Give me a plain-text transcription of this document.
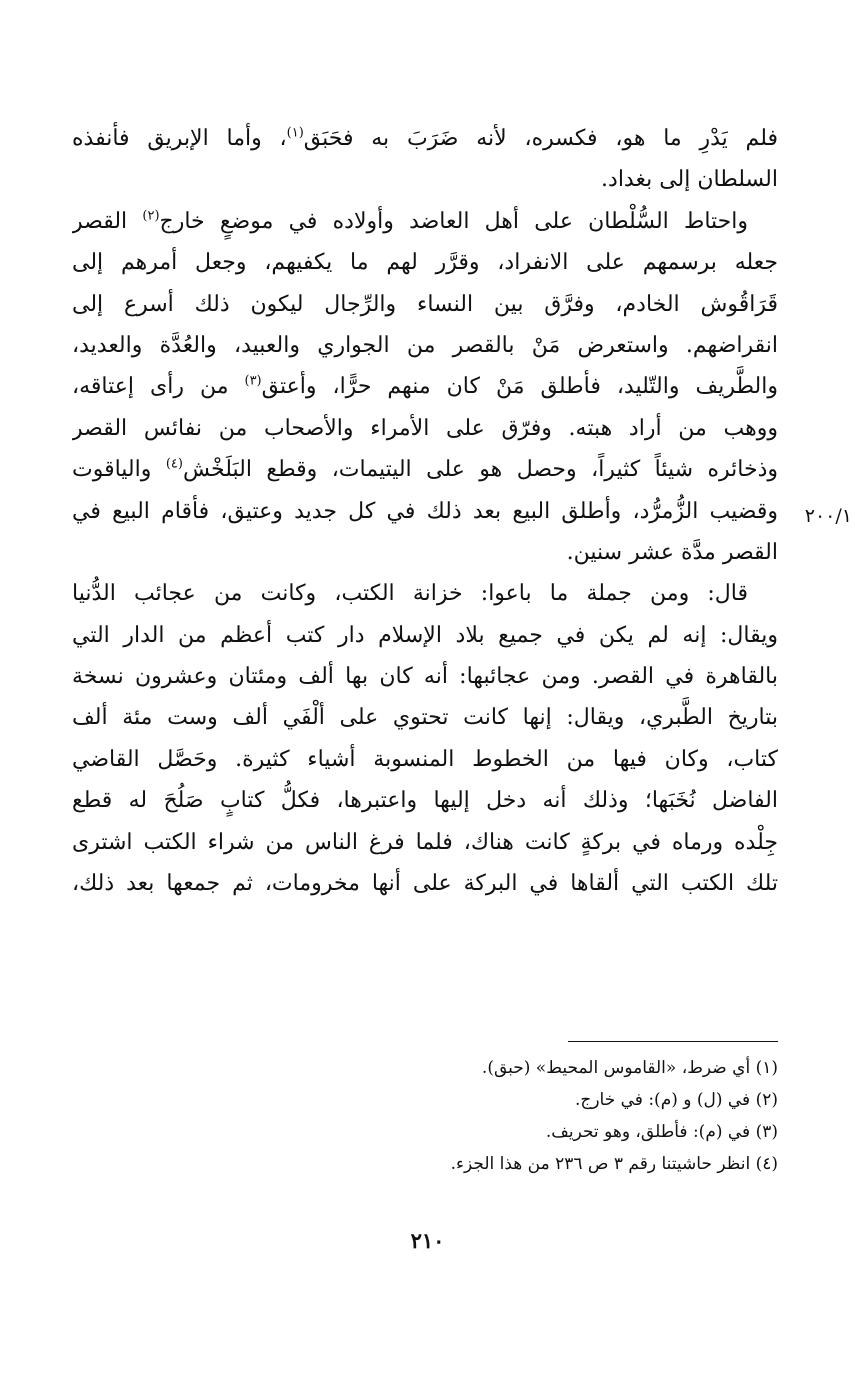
فلم يَدْرِ ما هو، فكسره، لأنه ضَرَبَ به فحَبَق$^{(١)}$، وأما الإبريق فأنفذه
السلطان إلى بغداد.
واحتاط السُّلْطان على أهل العاضد وأولاده في موضعٍ خارج$^{(٢)}$ القصر
جعله برسمهم على الانفراد، وقرَّر لهم ما يكفيهم، وجعل أمرهم إلى
قَرَاقُوش الخادم، وفرَّق بين النساء والرِّجال ليكون ذلك أسرع إلى
انقراضهم. واستعرض مَنْ بالقصر من الجواري والعبيد، والعُدَّة والعديد،
والطَّريف والتّليد، فأطلق مَنْ كان منهم حرًّا، وأعتق$^{(٣)}$ من رأى إعتاقه،
ووهب من أراد هبته. وفرّق على الأمراء والأصحاب من نفائس القصر
وذخائره شيئاً كثيراً، وحصل هو على اليتيمات، وقطع البَلَخْش$^{(٤)}$ والياقوت
وقضيب الزُّمرُّد، وأطلق البيع بعد ذلك في كل جديد وعتيق، فأقام البيع في
القصر مدَّة عشر سنين.
قال: ومن جملة ما باعوا: خزانة الكتب، وكانت من عجائب الدُّنيا
ويقال: إنه لم يكن في جميع بلاد الإسلام دار كتب أعظم من الدار التي
بالقاهرة في القصر. ومن عجائبها: أنه كان بها ألف ومئتان وعشرون نسخة
بتاريخ الطَّبري، ويقال: إنها كانت تحتوي على ألْفَي ألف وست مئة ألف
كتاب، وكان فيها من الخطوط المنسوبة أشياء كثيرة. وحَصَّل القاضي
الفاضل نُخَبَها؛ وذلك أنه دخل إليها واعتبرها، فكلُّ كتابٍ صَلُحَ له قطع
جِلْده ورماه في بركةٍ كانت هناك، فلما فرغ الناس من شراء الكتب اشترى
تلك الكتب التي ألقاها في البركة على أنها مخرومات، ثم جمعها بعد ذلك،
٢٠٠/١
(١) أي ضرط، «القاموس المحيط» (حبق).
(٢) في (ل) و (م): في خارج.
(٣) في (م): فأطلق، وهو تحريف.
(٤) انظر حاشيتنا رقم ٣ ص ٢٣٦ من هذا الجزء.
٢١٠
